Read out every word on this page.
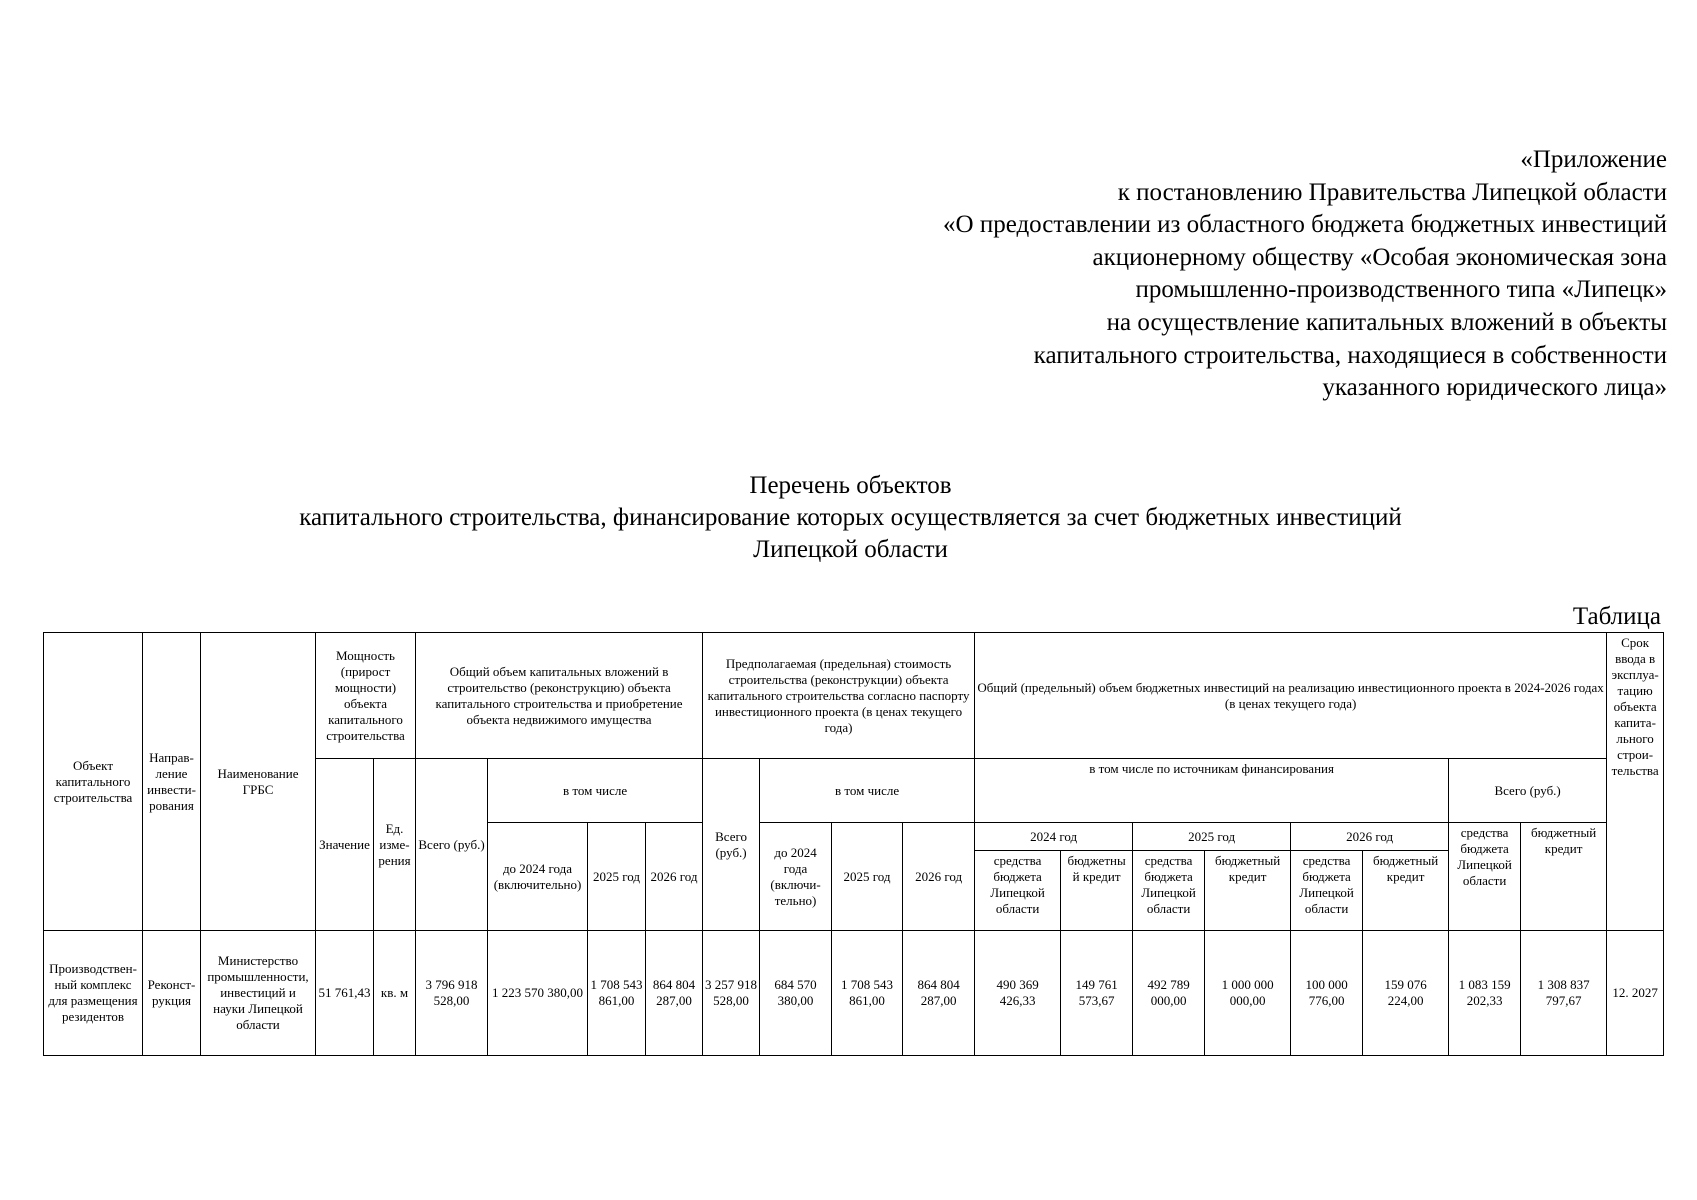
«Приложение
к постановлению Правительства Липецкой области
«О предоставлении из областного бюджета бюджетных инвестиций
акционерному обществу «Особая экономическая зона
промышленно-производственного типа «Липецк»
на осуществление капитальных вложений в объекты
капитального строительства, находящиеся в собственности
указанного юридического лица»
Перечень объектов
капитального строительства, финансирование которых осуществляется за счет бюджетных инвестиций
Липецкой области
Таблица
Объект капитального строительства	Направ-ление инвести-рования	Наименование ГРБС	Мощность (прирост мощности) объекта капитального строительства		Общий объем капитальных вложений в строительство (реконструкцию) объекта капитального строительства и приобретение объекта недвижимого имущества				Предполагаемая (предельная) стоимость строительства (реконструкции) объекта капитального строительства согласно паспорту инвестиционного проекта (в ценах текущего года)				Общий (предельный) объем бюджетных инвестиций на реализацию инвестиционного проекта в 2024-2026 годах (в ценах текущего года)								Срок ввода в эксплуа-тацию объекта капита-льного строи-тельства
			Значение	Ед. изме-рения	Всего (руб.)	в том числе			Всего (руб.)	в том числе			в том числе по источникам финансирования						Всего (руб.)		
						до 2024 года (включительно)	2025 год	2026 год		до 2024 года (включи-тельно)	2025 год	2026 год	2024 год		2025 год		2026 год		средства бюджета Липецкой области	бюджетный кредит	
													средства бюджета Липецкой области	бюджетны й кредит	средства бюджета Липецкой области	бюджетный кредит	средства бюджета Липецкой области	бюджетный кредит			
Производствен-ный комплекс для размещения резидентов	Реконст-рукция	Министерство промышленности, инвестиций и науки Липецкой области	51 761,43	кв. м	3 796 918 528,00	1 223 570 380,00	1 708 543 861,00	864 804 287,00	3 257 918 528,00	684 570 380,00	1 708 543 861,00	864 804 287,00	490 369 426,33	149 761 573,67	492 789 000,00	1 000 000 000,00	100 000 776,00	159 076 224,00	1 083 159 202,33	1 308 837 797,67	12. 2027
